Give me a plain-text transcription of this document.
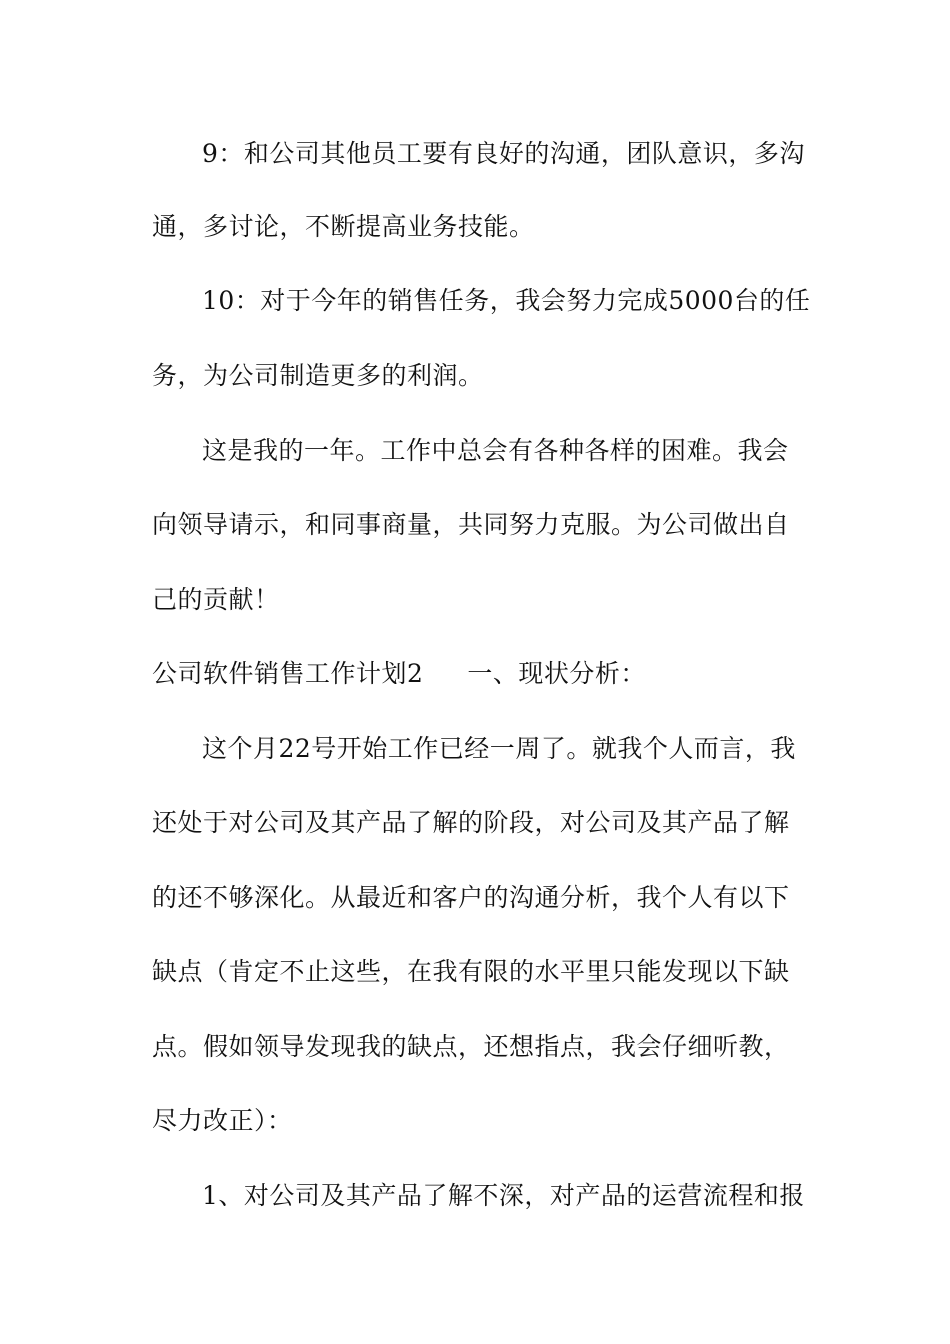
9：和公司其他员工要有良好的沟通，团队意识，多沟
通，多讨论，不断提高业务技能。
10：对于今年的销售任务，我会努力完成5000台的任
务，为公司制造更多的利润。
这是我的一年。工作中总会有各种各样的困难。我会
向领导请示，和同事商量，共同努力克服。为公司做出自
己的贡献！
公司软件销售工作计划2 一、现状分析：
这个月22号开始工作已经一周了。就我个人而言，我
还处于对公司及其产品了解的阶段，对公司及其产品了解
的还不够深化。从最近和客户的沟通分析，我个人有以下
缺点（肯定不止这些，在我有限的水平里只能发现以下缺
点。假如领导发现我的缺点，还想指点，我会仔细听教，
尽力改正）：
1、对公司及其产品了解不深，对产品的运营流程和报
